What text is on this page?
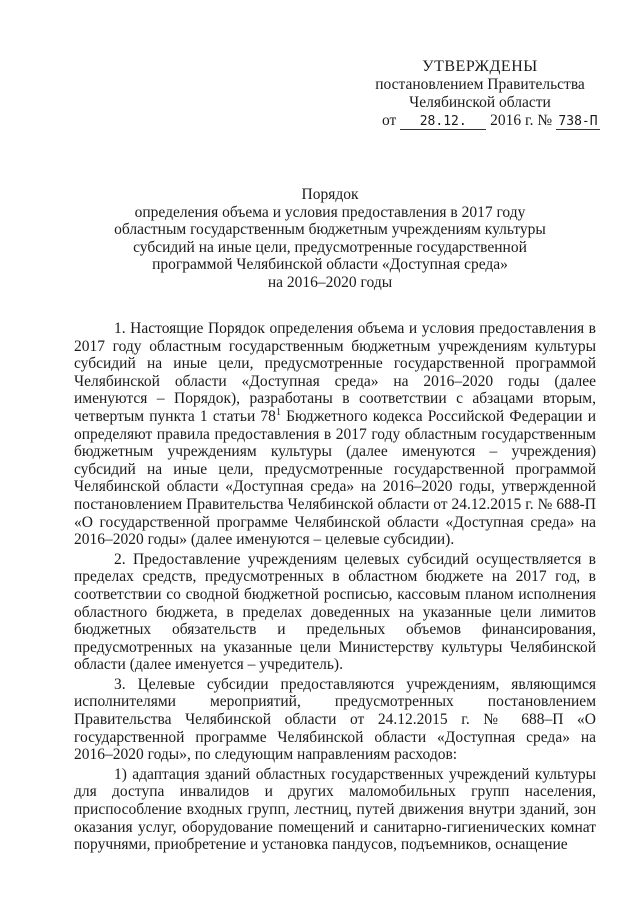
УТВЕРЖДЕНЫ
постановлением Правительства
Челябинской области
от 28.12. 2016 г. № 738-П
Порядок
определения объема и условия предоставления в 2017 году
областным государственным бюджетным учреждениям культуры
субсидий на иные цели, предусмотренные государственной
программой Челябинской области «Доступная среда»
на 2016–2020 годы

1. Настоящие Порядок определения объема и условия предоставления в 2017 году областным государственным бюджетным учреждениям культуры субсидий на иные цели, предусмотренные государственной программой Челябинской области «Доступная среда» на 2016–2020 годы (далее именуются – Порядок), разработаны в соответствии с абзацами вторым, четвертым пункта 1 статьи $78^1$ Бюджетного кодекса Российской Федерации и определяют правила предоставления в 2017 году областным государственным бюджетным учреждениям культуры (далее именуются – учреждения) субсидий на иные цели, предусмотренные государственной программой Челябинской области «Доступная среда» на 2016–2020 годы, утвержденной постановлением Правительства Челябинской области от 24.12.2015 г. № 688-П «О государственной программе Челябинской области «Доступная среда» на 2016–2020 годы» (далее именуются – целевые субсидии).

2. Предоставление учреждениям целевых субсидий осуществляется в пределах средств, предусмотренных в областном бюджете на 2017 год, в соответствии со сводной бюджетной росписью, кассовым планом исполнения областного бюджета, в пределах доведенных на указанные цели лимитов бюджетных обязательств и предельных объемов финансирования, предусмотренных на указанные цели Министерству культуры Челябинской области (далее именуется – учредитель).

3. Целевые субсидии предоставляются учреждениям, являющимся исполнителями мероприятий, предусмотренных постановлением Правительства Челябинской области от 24.12.2015 г. № 688–П «О государственной программе Челябинской области «Доступная среда» на 2016–2020 годы», по следующим направлениям расходов:

1) адаптация зданий областных государственных учреждений культуры для доступа инвалидов и других маломобильных групп населения, приспособление входных групп, лестниц, путей движения внутри зданий, зон оказания услуг, оборудование помещений и санитарно-гигиенических комнат поручнями, приобретение и установка пандусов, подъемников, оснащение
